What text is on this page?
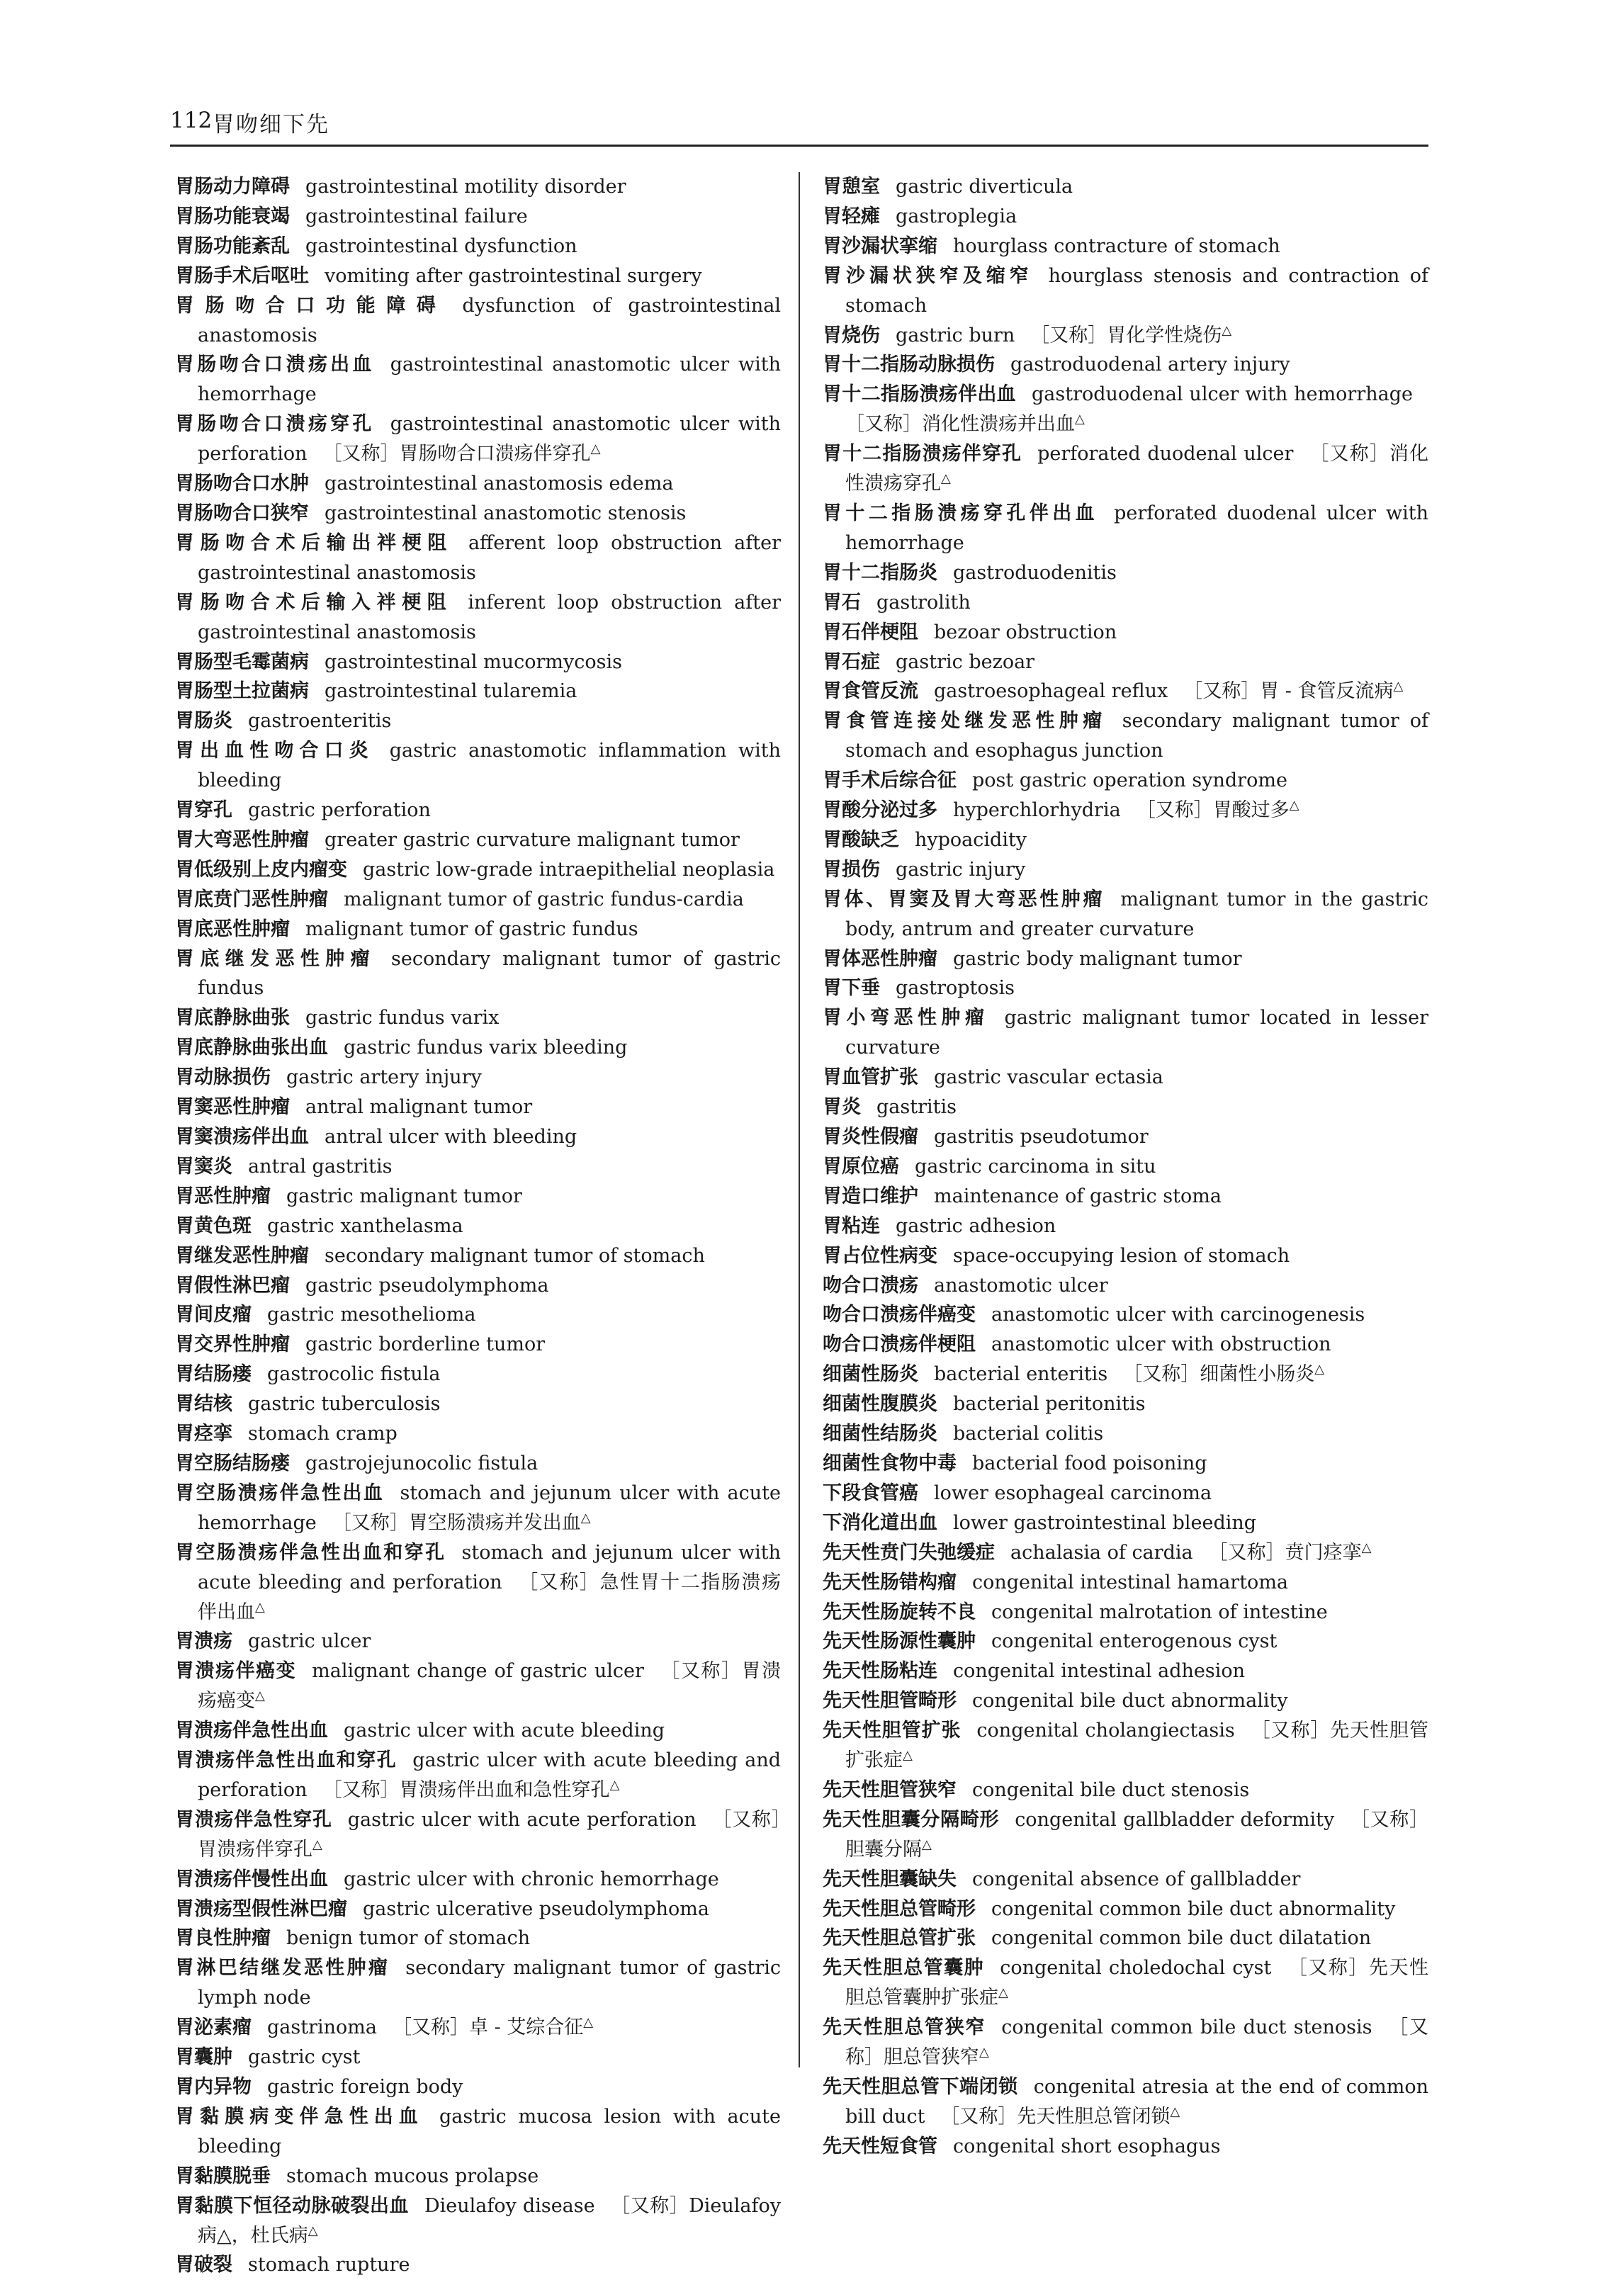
112 胃吻细下先
胃肠动力障碍 gastrointestinal motility disorder
胃肠功能衰竭 gastrointestinal failure
胃肠功能紊乱 gastrointestinal dysfunction
胃肠手术后呕吐 vomiting after gastrointestinal surgery
胃肠吻合口功能障碍 dysfunction of gastrointestinal anastomosis
胃肠吻合口溃疡出血 gastrointestinal anastomotic ulcer with hemorrhage
胃肠吻合口溃疡穿孔 gastrointestinal anastomotic ulcer with perforation ［又称］胃肠吻合口溃疡伴穿孔△
胃肠吻合口水肿 gastrointestinal anastomosis edema
胃肠吻合口狭窄 gastrointestinal anastomotic stenosis
胃肠吻合术后输出袢梗阻 afferent loop obstruction after gastrointestinal anastomosis
胃肠吻合术后输入袢梗阻 inferent loop obstruction after gastrointestinal anastomosis
胃肠型毛霉菌病 gastrointestinal mucormycosis
胃肠型土拉菌病 gastrointestinal tularemia
胃肠炎 gastroenteritis
胃出血性吻合口炎 gastric anastomotic inflammation with bleeding
胃穿孔 gastric perforation
胃大弯恶性肿瘤 greater gastric curvature malignant tumor
胃低级别上皮内瘤变 gastric low-grade intraepithelial neoplasia
胃底贲门恶性肿瘤 malignant tumor of gastric fundus-cardia
胃底恶性肿瘤 malignant tumor of gastric fundus
胃底继发恶性肿瘤 secondary malignant tumor of gastric fundus
胃底静脉曲张 gastric fundus varix
胃底静脉曲张出血 gastric fundus varix bleeding
胃动脉损伤 gastric artery injury
胃窦恶性肿瘤 antral malignant tumor
胃窦溃疡伴出血 antral ulcer with bleeding
胃窦炎 antral gastritis
胃恶性肿瘤 gastric malignant tumor
胃黄色斑 gastric xanthelasma
胃继发恶性肿瘤 secondary malignant tumor of stomach
胃假性淋巴瘤 gastric pseudolymphoma
胃间皮瘤 gastric mesothelioma
胃交界性肿瘤 gastric borderline tumor
胃结肠瘘 gastrocolic fistula
胃结核 gastric tuberculosis
胃痉挛 stomach cramp
胃空肠结肠瘘 gastrojejunocolic fistula
胃空肠溃疡伴急性出血 stomach and jejunum ulcer with acute hemorrhage ［又称］胃空肠溃疡并发出血△
胃空肠溃疡伴急性出血和穿孔 stomach and jejunum ulcer with acute bleeding and perforation ［又称］急性胃十二指肠溃疡伴出血△
胃溃疡 gastric ulcer
胃溃疡伴癌变 malignant change of gastric ulcer ［又称］胃溃疡癌变△
胃溃疡伴急性出血 gastric ulcer with acute bleeding
胃溃疡伴急性出血和穿孔 gastric ulcer with acute bleeding and perforation ［又称］胃溃疡伴出血和急性穿孔△
胃溃疡伴急性穿孔 gastric ulcer with acute perforation ［又称］胃溃疡伴穿孔△
胃溃疡伴慢性出血 gastric ulcer with chronic hemorrhage
胃溃疡型假性淋巴瘤 gastric ulcerative pseudolymphoma
胃良性肿瘤 benign tumor of stomach
胃淋巴结继发恶性肿瘤 secondary malignant tumor of gastric lymph node
胃泌素瘤 gastrinoma ［又称］卓 - 艾综合征△
胃囊肿 gastric cyst
胃内异物 gastric foreign body
胃黏膜病变伴急性出血 gastric mucosa lesion with acute bleeding
胃黏膜脱垂 stomach mucous prolapse
胃黏膜下恒径动脉破裂出血 Dieulafoy disease ［又称］Dieulafoy 病△，杜氏病△
胃破裂 stomach rupture
胃憩室 gastric diverticula
胃轻瘫 gastroplegia
胃沙漏状挛缩 hourglass contracture of stomach
胃沙漏状狭窄及缩窄 hourglass stenosis and contraction of stomach
胃烧伤 gastric burn ［又称］胃化学性烧伤△
胃十二指肠动脉损伤 gastroduodenal artery injury
胃十二指肠溃疡伴出血 gastroduodenal ulcer with hemorrhage［又称］消化性溃疡并出血△
胃十二指肠溃疡伴穿孔 perforated duodenal ulcer ［又称］消化性溃疡穿孔△
胃十二指肠溃疡穿孔伴出血 perforated duodenal ulcer with hemorrhage
胃十二指肠炎 gastroduodenitis
胃石 gastrolith
胃石伴梗阻 bezoar obstruction
胃石症 gastric bezoar
胃食管反流 gastroesophageal reflux ［又称］胃 - 食管反流病△
胃食管连接处继发恶性肿瘤 secondary malignant tumor of stomach and esophagus junction
胃手术后综合征 post gastric operation syndrome
胃酸分泌过多 hyperchlorhydria ［又称］胃酸过多△
胃酸缺乏 hypoacidity
胃损伤 gastric injury
胃体、胃窦及胃大弯恶性肿瘤 malignant tumor in the gastric body, antrum and greater curvature
胃体恶性肿瘤 gastric body malignant tumor
胃下垂 gastroptosis
胃小弯恶性肿瘤 gastric malignant tumor located in lesser curvature
胃血管扩张 gastric vascular ectasia
胃炎 gastritis
胃炎性假瘤 gastritis pseudotumor
胃原位癌 gastric carcinoma in situ
胃造口维护 maintenance of gastric stoma
胃粘连 gastric adhesion
胃占位性病变 space-occupying lesion of stomach
吻合口溃疡 anastomotic ulcer
吻合口溃疡伴癌变 anastomotic ulcer with carcinogenesis
吻合口溃疡伴梗阻 anastomotic ulcer with obstruction
细菌性肠炎 bacterial enteritis ［又称］细菌性小肠炎△
细菌性腹膜炎 bacterial peritonitis
细菌性结肠炎 bacterial colitis
细菌性食物中毒 bacterial food poisoning
下段食管癌 lower esophageal carcinoma
下消化道出血 lower gastrointestinal bleeding
先天性贲门失弛缓症 achalasia of cardia ［又称］贲门痉挛△
先天性肠错构瘤 congenital intestinal hamartoma
先天性肠旋转不良 congenital malrotation of intestine
先天性肠源性囊肿 congenital enterogenous cyst
先天性肠粘连 congenital intestinal adhesion
先天性胆管畸形 congenital bile duct abnormality
先天性胆管扩张 congenital cholangiectasis ［又称］先天性胆管扩张症△
先天性胆管狭窄 congenital bile duct stenosis
先天性胆囊分隔畸形 congenital gallbladder deformity ［又称］胆囊分隔△
先天性胆囊缺失 congenital absence of gallbladder
先天性胆总管畸形 congenital common bile duct abnormality
先天性胆总管扩张 congenital common bile duct dilatation
先天性胆总管囊肿 congenital choledochal cyst ［又称］先天性胆总管囊肿扩张症△
先天性胆总管狭窄 congenital common bile duct stenosis ［又称］胆总管狭窄△
先天性胆总管下端闭锁 congenital atresia at the end of common bill duct ［又称］先天性胆总管闭锁△
先天性短食管 congenital short esophagus
